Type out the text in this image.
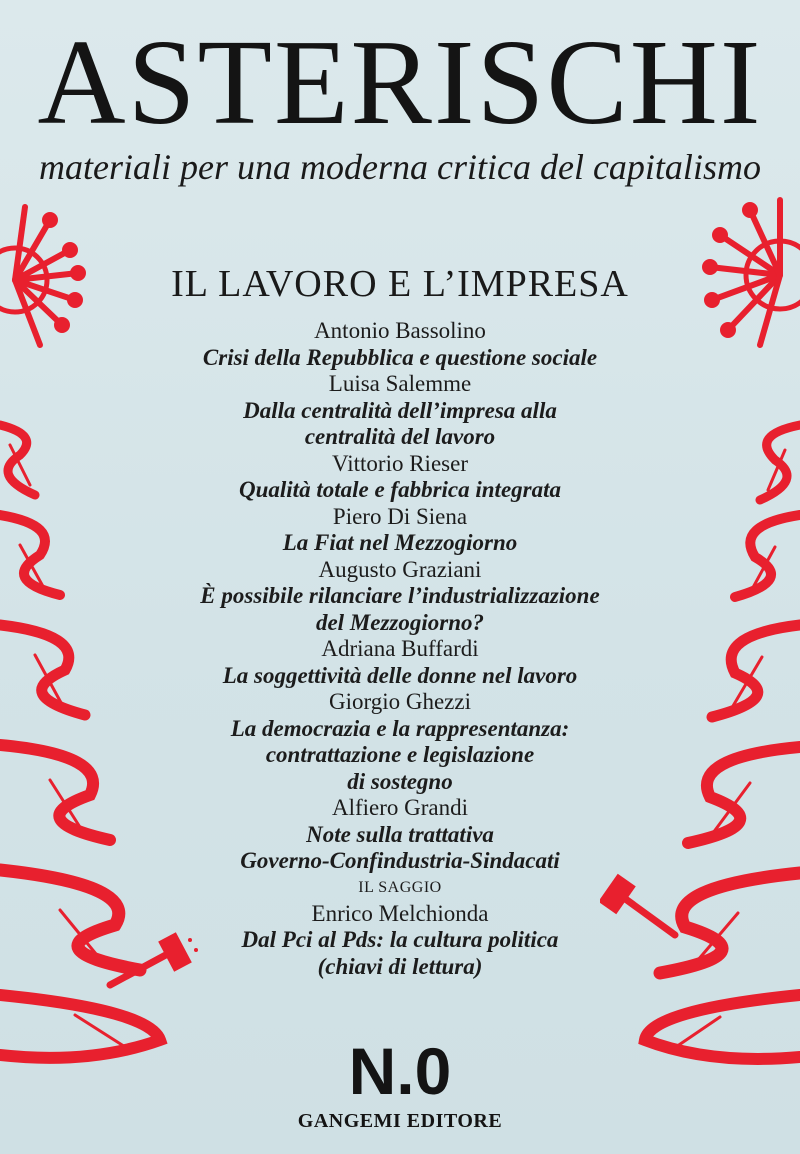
ASTERISCHI
materiali per una moderna critica del capitalismo
IL LAVORO E L’IMPRESA
Antonio Bassolino
Crisi della Repubblica e questione sociale
Luisa Salemme
Dalla centralità dell’impresa alla
centralità del lavoro
Vittorio Rieser
Qualità totale e fabbrica integrata
Piero Di Siena
La Fiat nel Mezzogiorno
Augusto Graziani
È possibile rilanciare l’industrializzazione
del Mezzogiorno?
Adriana Buffardi
La soggettività delle donne nel lavoro
Giorgio Ghezzi
La democrazia e la rappresentanza:
contrattazione e legislazione
di sostegno
Alfiero Grandi
Note sulla trattativa
Governo-Confindustria-Sindacati
IL SAGGIO
Enrico Melchionda
Dal Pci al Pds: la cultura politica
(chiavi di lettura)
N.0
GANGEMI EDITORE
